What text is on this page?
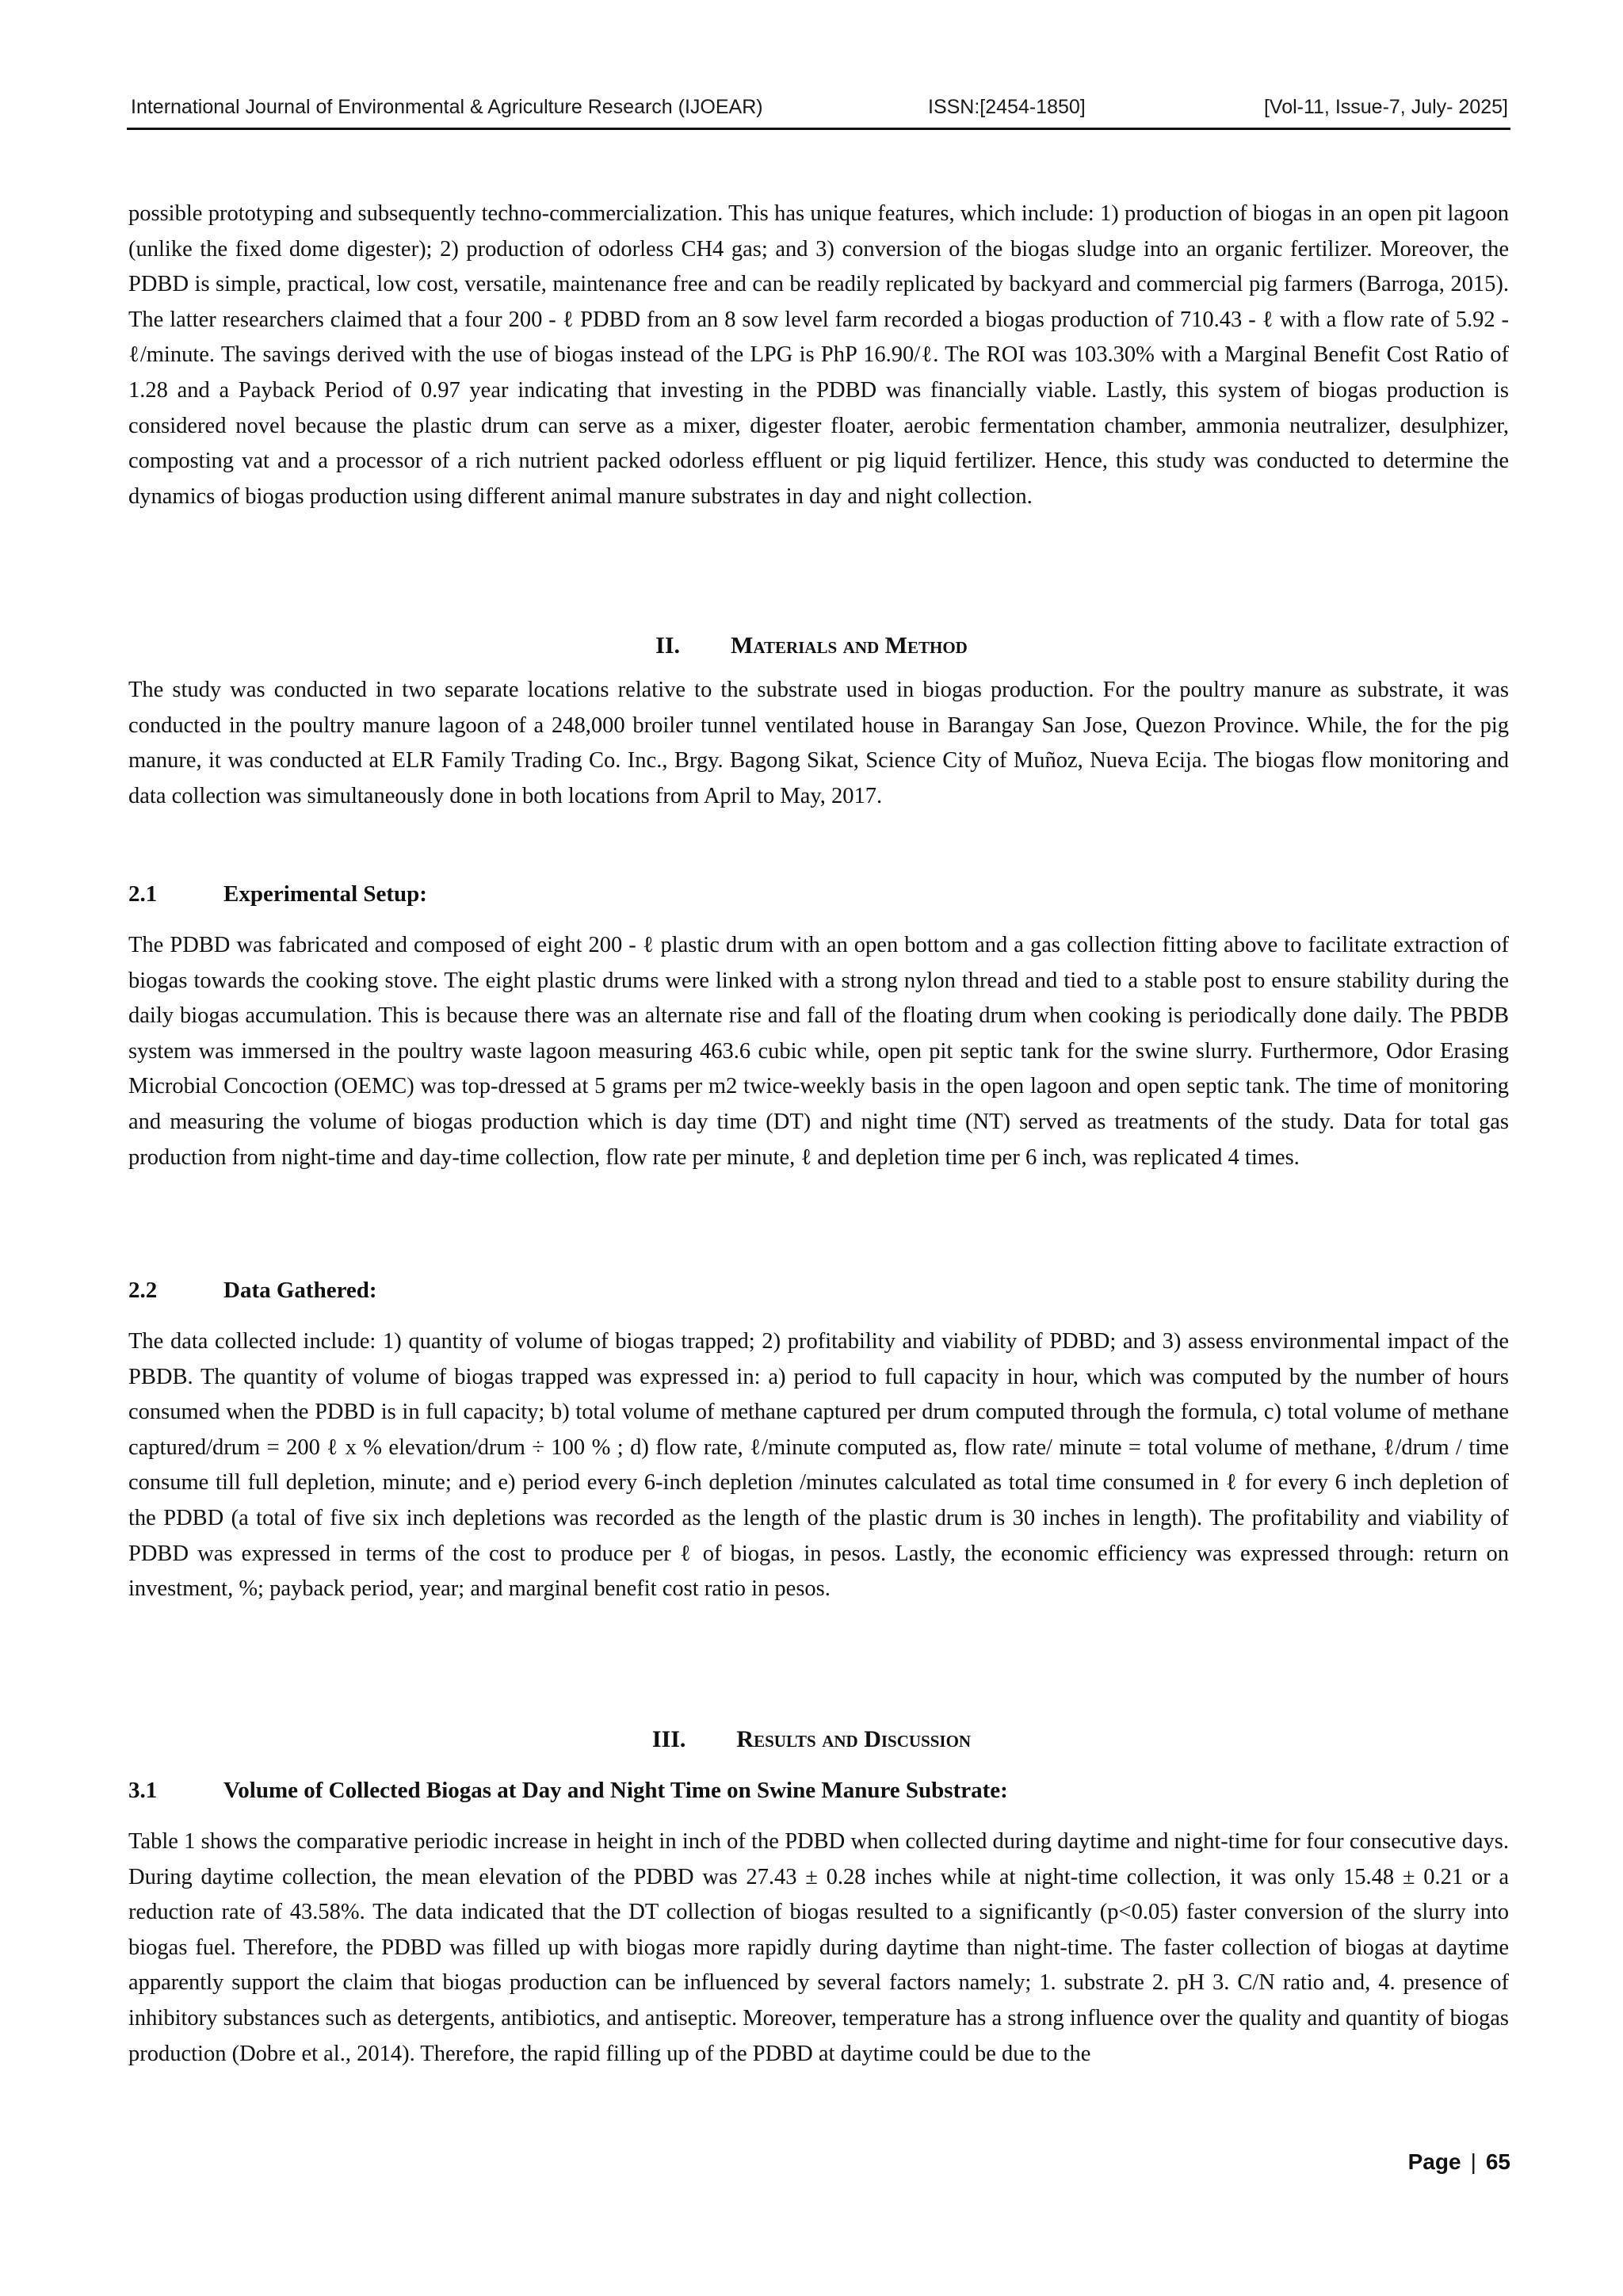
International Journal of Environmental & Agriculture Research (IJOEAR)	ISSN:[2454-1850]	[Vol-11, Issue-7, July- 2025]

possible prototyping and subsequently techno-commercialization. This has unique features, which include: 1) production of biogas in an open pit lagoon (unlike the fixed dome digester); 2) production of odorless CH4 gas; and 3) conversion of the biogas sludge into an organic fertilizer. Moreover, the PDBD is simple, practical, low cost, versatile, maintenance free and can be readily replicated by backyard and commercial pig farmers (Barroga, 2015). The latter researchers claimed that a four 200 - ℓ PDBD from an 8 sow level farm recorded a biogas production of 710.43 - ℓ with a flow rate of 5.92 - ℓ/minute. The savings derived with the use of biogas instead of the LPG is PhP 16.90/ℓ. The ROI was 103.30% with a Marginal Benefit Cost Ratio of 1.28 and a Payback Period of 0.97 year indicating that investing in the PDBD was financially viable. Lastly, this system of biogas production is considered novel because the plastic drum can serve as a mixer, digester floater, aerobic fermentation chamber, ammonia neutralizer, desulphizer, composting vat and a processor of a rich nutrient packed odorless effluent or pig liquid fertilizer. Hence, this study was conducted to determine the dynamics of biogas production using different animal manure substrates in day and night collection.

II. Materials and Method

The study was conducted in two separate locations relative to the substrate used in biogas production. For the poultry manure as substrate, it was conducted in the poultry manure lagoon of a 248,000 broiler tunnel ventilated house in Barangay San Jose, Quezon Province. While, the for the pig manure, it was conducted at ELR Family Trading Co. Inc., Brgy. Bagong Sikat, Science City of Muñoz, Nueva Ecija. The biogas flow monitoring and data collection was simultaneously done in both locations from April to May, 2017.

2.1	Experimental Setup:

The PDBD was fabricated and composed of eight 200 - ℓ plastic drum with an open bottom and a gas collection fitting above to facilitate extraction of biogas towards the cooking stove. The eight plastic drums were linked with a strong nylon thread and tied to a stable post to ensure stability during the daily biogas accumulation. This is because there was an alternate rise and fall of the floating drum when cooking is periodically done daily. The PBDB system was immersed in the poultry waste lagoon measuring 463.6 cubic while, open pit septic tank for the swine slurry. Furthermore, Odor Erasing Microbial Concoction (OEMC) was top-dressed at 5 grams per m2 twice-weekly basis in the open lagoon and open septic tank. The time of monitoring and measuring the volume of biogas production which is day time (DT) and night time (NT) served as treatments of the study. Data for total gas production from night-time and day-time collection, flow rate per minute, ℓ and depletion time per 6 inch, was replicated 4 times.

2.2	Data Gathered:

The data collected include: 1) quantity of volume of biogas trapped; 2) profitability and viability of PDBD; and 3) assess environmental impact of the PBDB. The quantity of volume of biogas trapped was expressed in: a) period to full capacity in hour, which was computed by the number of hours consumed when the PDBD is in full capacity; b) total volume of methane captured per drum computed through the formula, c) total volume of methane captured/drum = 200 ℓ x % elevation/drum ÷ 100 % ; d) flow rate, ℓ/minute computed as, flow rate/ minute = total volume of methane, ℓ/drum / time consume till full depletion, minute; and e) period every 6-inch depletion /minutes calculated as total time consumed in ℓ for every 6 inch depletion of the PDBD (a total of five six inch depletions was recorded as the length of the plastic drum is 30 inches in length). The profitability and viability of PDBD was expressed in terms of the cost to produce per ℓ of biogas, in pesos. Lastly, the economic efficiency was expressed through: return on investment, %; payback period, year; and marginal benefit cost ratio in pesos.

III. Results and Discussion
3.1	Volume of Collected Biogas at Day and Night Time on Swine Manure Substrate:

Table 1 shows the comparative periodic increase in height in inch of the PDBD when collected during daytime and night-time for four consecutive days. During daytime collection, the mean elevation of the PDBD was 27.43 ± 0.28 inches while at night-time collection, it was only 15.48 ± 0.21 or a reduction rate of 43.58%. The data indicated that the DT collection of biogas resulted to a significantly (p<0.05) faster conversion of the slurry into biogas fuel. Therefore, the PDBD was filled up with biogas more rapidly during daytime than night-time. The faster collection of biogas at daytime apparently support the claim that biogas production can be influenced by several factors namely; 1. substrate 2. pH 3. C/N ratio and, 4. presence of inhibitory substances such as detergents, antibiotics, and antiseptic. Moreover, temperature has a strong influence over the quality and quantity of biogas production (Dobre et al., 2014). Therefore, the rapid filling up of the PDBD at daytime could be due to the

Page | 65
